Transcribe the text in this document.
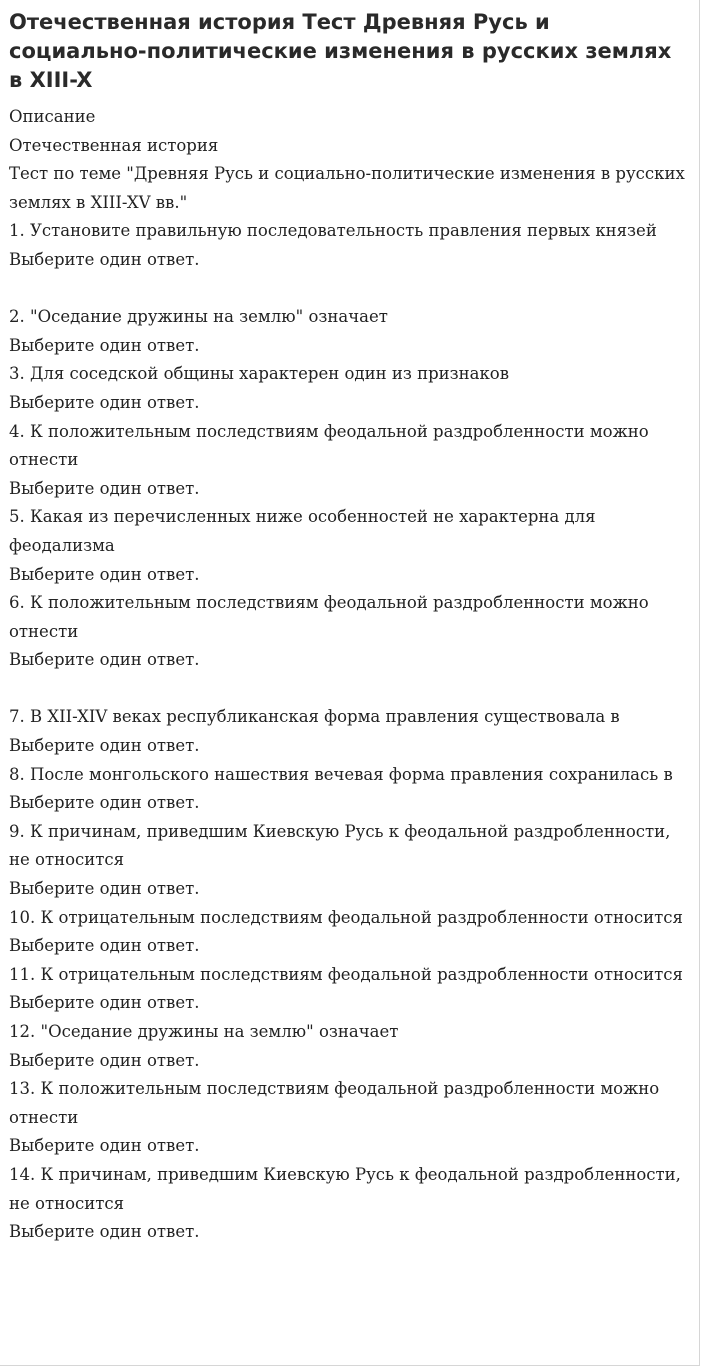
Отечественная история Тест Древняя Русь и социально-политические изменения в русских землях в XIII-X
Описание
Отечественная история
Тест по теме "Древняя Русь и социально-политические изменения в русских землях в XIII-XV вв."
1. Установите правильную последовательность правления первых князей
Выберите один ответ.
2. "Оседание дружины на землю" означает
Выберите один ответ.
3. Для соседской общины характерен один из признаков
Выберите один ответ.
4. К положительным последствиям феодальной раздробленности можно отнести
Выберите один ответ.
5. Какая из перечисленных ниже особенностей не характерна для феодализма
Выберите один ответ.
6. К положительным последствиям феодальной раздробленности можно отнести
Выберите один ответ.
7. В XII-XIV веках республиканская форма правления существовала в
Выберите один ответ.
8. После монгольского нашествия вечевая форма правления сохранилась в
Выберите один ответ.
9. К причинам, приведшим Киевскую Русь к феодальной раздробленности, не относится
Выберите один ответ.
10. К отрицательным последствиям феодальной раздробленности относится
Выберите один ответ.
11. К отрицательным последствиям феодальной раздробленности относится
Выберите один ответ.
12. "Оседание дружины на землю" означает
Выберите один ответ.
13. К положительным последствиям феодальной раздробленности можно отнести
Выберите один ответ.
14. К причинам, приведшим Киевскую Русь к феодальной раздробленности, не относится
Выберите один ответ.
